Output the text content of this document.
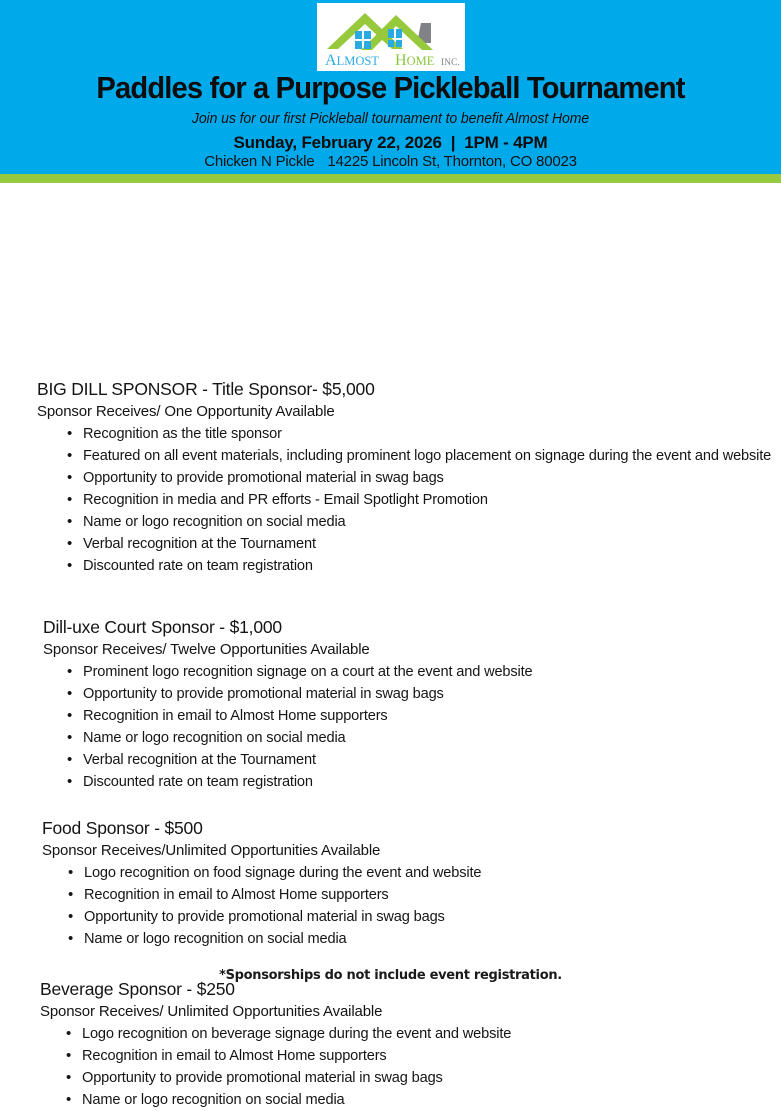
ALMOST HOME INC.
Paddles for a Purpose Pickleball Tournament
Join us for our first Pickleball tournament to benefit Almost Home
Sunday, February 22, 2026 | 1PM - 4PM
Chicken N Pickle 14225 Lincoln St, Thornton, CO 80023
BIG DILL SPONSOR - Title Sponsor- $5,000

Sponsor Receives/ One Opportunity Available

• Recognition as the title sponsor
• Featured on all event materials, including prominent logo placement on signage during the event and website
• Opportunity to provide promotional material in swag bags
• Recognition in media and PR efforts - Email Spotlight Promotion
• Name or logo recognition on social media
• Verbal recognition at the Tournament
• Discounted rate on team registration
Dill-uxe Court Sponsor - $1,000

Sponsor Receives/ Twelve Opportunities Available

• Prominent logo recognition signage on a court at the event and website
• Opportunity to provide promotional material in swag bags
• Recognition in email to Almost Home supporters
• Name or logo recognition on social media
• Verbal recognition at the Tournament
• Discounted rate on team registration
Food Sponsor - $500

Sponsor Receives/Unlimited Opportunities Available

• Logo recognition on food signage during the event and website
• Recognition in email to Almost Home supporters
• Opportunity to provide promotional material in swag bags
• Name or logo recognition on social media
Beverage Sponsor - $250

Sponsor Receives/ Unlimited Opportunities Available

• Logo recognition on beverage signage during the event and website
• Recognition in email to Almost Home supporters
• Opportunity to provide promotional material in swag bags
• Name or logo recognition on social media
*Sponsorships do not include event registration.
